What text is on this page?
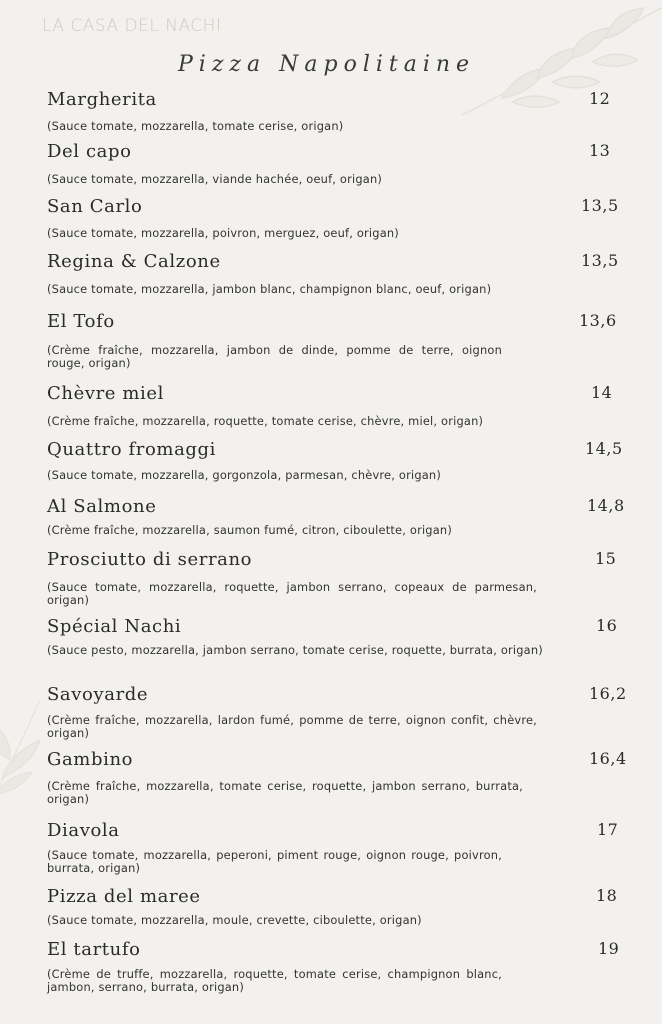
LA CASA DEL NACHI
Pizza Napolitaine
Margherita	12
(Sauce tomate, mozzarella, tomate cerise, origan)
Del capo	13
(Sauce tomate, mozzarella, viande hachée, oeuf, origan)
San Carlo	13,5
(Sauce tomate, mozzarella, poivron, merguez, oeuf, origan)
Regina & Calzone	13,5
(Sauce tomate, mozzarella, jambon blanc, champignon blanc, oeuf, origan)
El Tofo	13,6
(Crème fraîche, mozzarella, jambon de dinde, pomme de terre, oignon rouge, origan)
Chèvre miel	14
(Crème fraîche, mozzarella, roquette, tomate cerise, chèvre, miel, origan)
Quattro fromaggi	14,5
(Sauce tomate, mozzarella, gorgonzola, parmesan, chèvre, origan)
Al Salmone	14,8
(Crème fraîche, mozzarella, saumon fumé, citron, ciboulette, origan)
Prosciutto di serrano	15
(Sauce tomate, mozzarella, roquette, jambon serrano, copeaux de parmesan, origan)
Spécial Nachi	16
(Sauce pesto, mozzarella, jambon serrano, tomate cerise, roquette, burrata, origan)
Savoyarde	16,2
(Crème fraîche, mozzarella, lardon fumé, pomme de terre, oignon confit, chèvre, origan)
Gambino	16,4
(Crème fraîche, mozzarella, tomate cerise, roquette, jambon serrano, burrata, origan)
Diavola	17
(Sauce tomate, mozzarella, peperoni, piment rouge, oignon rouge, poivron, burrata, origan)
Pizza del maree	18
(Sauce tomate, mozzarella, moule, crevette, ciboulette, origan)
El tartufo	19
(Crème de truffe, mozzarella, roquette, tomate cerise, champignon blanc, jambon, serrano, burrata, origan)
